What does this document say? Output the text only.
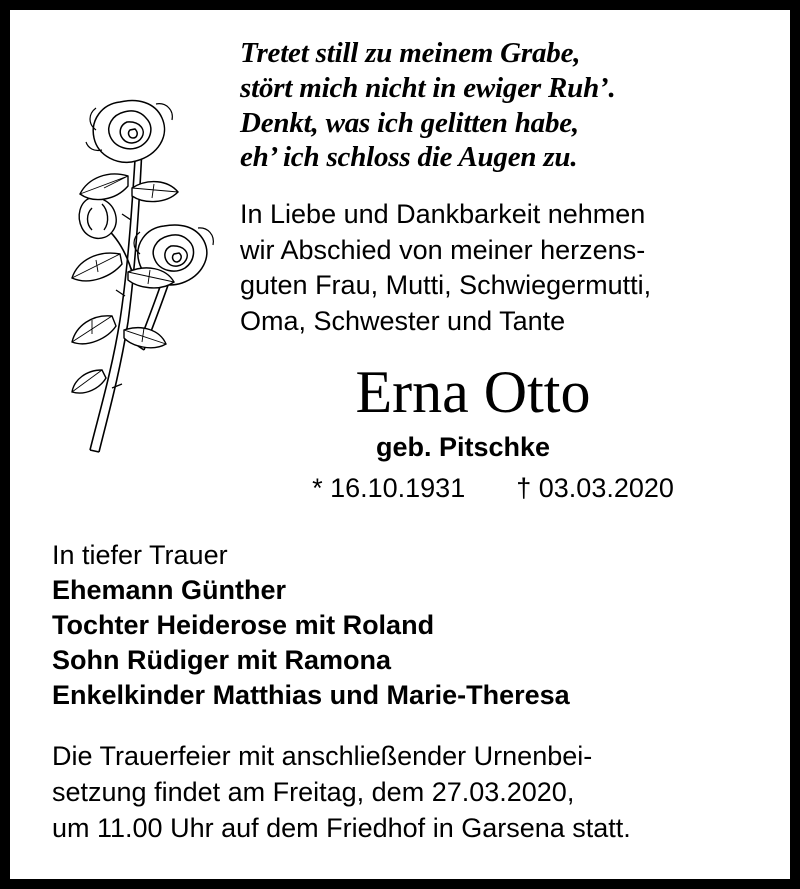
Tretet still zu meinem Grabe,
stört mich nicht in ewiger Ruh’.
Denkt, was ich gelitten habe,
eh’ ich schloss die Augen zu.
In Liebe und Dankbarkeit nehmen
wir Abschied von meiner herzens-
guten Frau, Mutti, Schwiegermutti,
Oma, Schwester und Tante
Erna Otto
geb. Pitschke
* 16.10.1931 † 03.03.2020
In tiefer Trauer
Ehemann Günther
Tochter Heiderose mit Roland
Sohn Rüdiger mit Ramona
Enkelkinder Matthias und Marie-Theresa
Die Trauerfeier mit anschließender Urnenbei-
setzung findet am Freitag, dem 27.03.2020,
um 11.00 Uhr auf dem Friedhof in Garsena statt.
